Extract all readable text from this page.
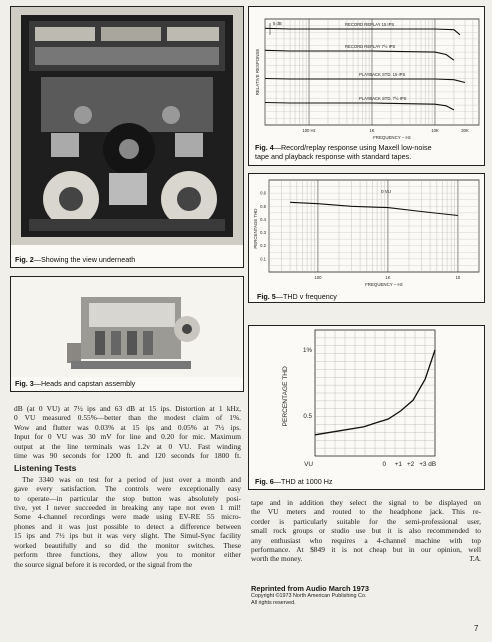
Fig. 2—Showing the view underneath
Fig. 3—Heads and capstan assembly
RECORD REPLAY 15 IPS
RECORD REPLAY 7½ IPS
PLAYBACK STD. 15 IPS
PLAYBACK STD. 7½ IPS
5 dB
100 Hz	1K	10K	30K
FREQUENCY – Hz
RELATIVE RESPONSE
Fig. 4—Record/replay response using Maxell low-noise
tape and playback response with standard tapes.
0.1
0.2
0.3
0.4
0.5
0.6	0 VU
100	1K	10
FREQUENCY – Hz
PERCENTAGE THD
Fig. 5—THD v frequency
0.5
1%
PERCENTAGE THD
VU	0 +1 +2 +3 dB
Fig. 6—THD at 1000 Hz
dB (at 0 VU) at 7½ ips and 63 dB at 15 ips. Distortion at 1 kHz,
0 VU measured 0.55%—better than the modest claim of 1%.
Wow and flutter was 0.03% at 15 ips and 0.05% at 7½ ips.
Input for 0 VU was 30 mV for line and 0.20 for mic. Maximum
output at the line terminals was 1.2v at 0 VU. Fast winding
time was 90 seconds for 1200 ft. and 120 seconds for 1800 ft.
Listening Tests
The 3340 was on test for a period of just over a month and
gave every satisfaction. The controls were exceptionally easy
to operate—in particular the stop button was absolutely posi-
tive, yet I never succeeded in breaking any tape not even 1 mil!
Some 4-channel recordings were made using EV-RE 55 micro-
phones and it was just possible to detect a difference between
15 ips and 7½ ips but it was very slight. The Simul-Sync facility
worked beautifully and so did the monitor switches. These
perform three functions, they allow you to monitor either
the source signal before it is recorded, or the signal from the
tape and in addition they select the signal to be displayed on
the VU meters and routed to the headphone jack. This re-
corder is particularly suitable for the semi-professional user,
small rock groups or studio use but it is also recommended to
any enthusiast who requires a 4-channel machine with top
performance. At $849 it is not cheap but in our opinion, well
worth the money.	T.A.
Reprinted from Audio March 1973
Copyright ©1973 North American Publishing Co.
All rights reserved.
7
